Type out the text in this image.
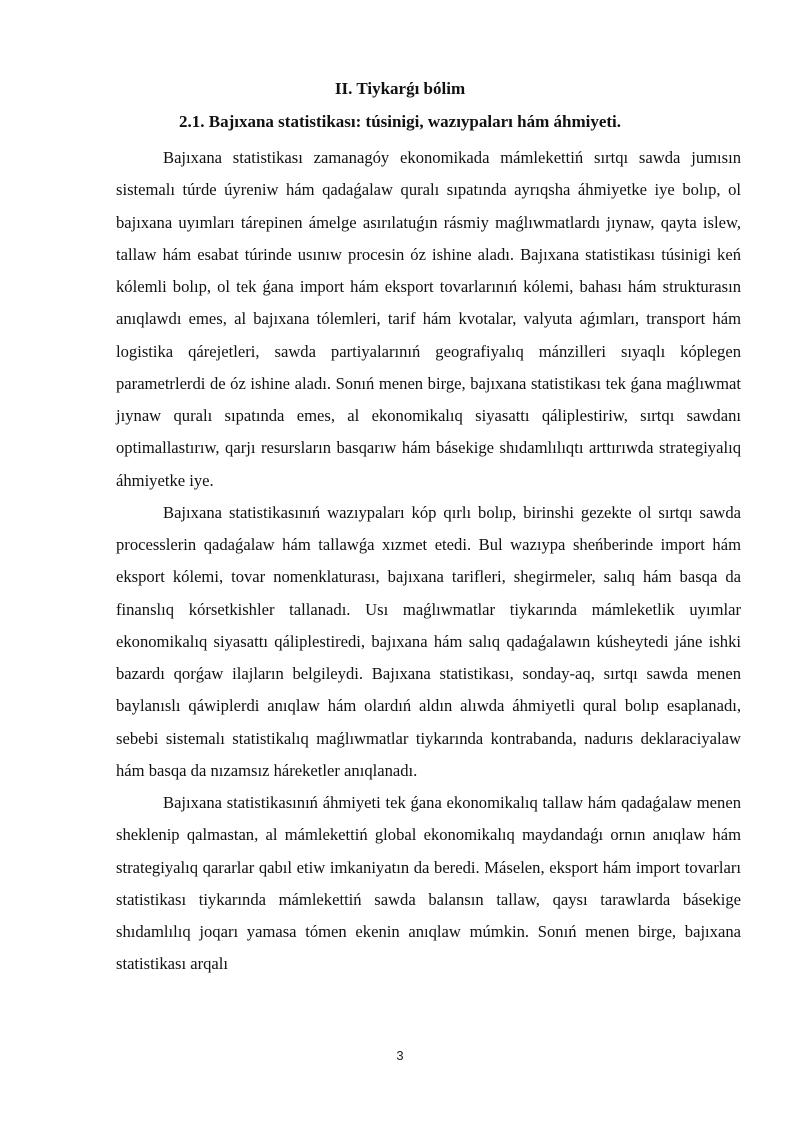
II. Tiykarǵı bólim
2.1. Bajıxana statistikası: túsinigi, wazıypaları hám áhmiyeti.

Bajıxana statistikası zamanagóy ekonomikada mámlekettiń sırtqı sawda jumısın sistemalı túrde úyreniw hám qadaǵalaw quralı sıpatında ayrıqsha áhmiyetke iye bolıp, ol bajıxana uyımları tárepinen ámelge asırılatuǵın rásmiy maǵlıwmatlardı jıynaw, qayta islew, tallaw hám esabat túrinde usınıw procesin óz ishine aladı. Bajıxana statistikası túsinigi keń kólemli bolıp, ol tek ǵana import hám eksport tovarlarınıń kólemi, bahası hám strukturasın anıqlawdı emes, al bajıxana tólemleri, tarif hám kvotalar, valyuta aǵımları, transport hám logistika qárejetleri, sawda partiyalarınıń geografiyalıq mánzilleri sıyaqlı kóplegen parametrlerdi de óz ishine aladı. Sonıń menen birge, bajıxana statistikası tek ǵana maǵlıwmat jıynaw quralı sıpatında emes, al ekonomikalıq siyasattı qáliplestiriw, sırtqı sawdanı optimallastırıw, qarjı resursların basqarıw hám básekige shıdamlılıqtı arttırıwda strategiyalıq áhmiyetke iye.

Bajıxana statistikasınıń wazıypaları kóp qırlı bolıp, birinshi gezekte ol sırtqı sawda processlerin qadaǵalaw hám tallawǵa xızmet etedi. Bul wazıypa sheńberinde import hám eksport kólemi, tovar nomenklaturası, bajıxana tarifleri, shegirmeler, salıq hám basqa da finanslıq kórsetkishler tallanadı. Usı maǵlıwmatlar tiykarında mámleketlik uyımlar ekonomikalıq siyasattı qáliplestiredi, bajıxana hám salıq qadaǵalawın kúsheytedi jáne ishki bazardı qorǵaw ilajların belgileydi. Bajıxana statistikası, sonday-aq, sırtqı sawda menen baylanıslı qáwiplerdi anıqlaw hám olardıń aldın alıwda áhmiyetli qural bolıp esaplanadı, sebebi sistemalı statistikalıq maǵlıwmatlar tiykarında kontrabanda, nadurıs deklaraciyalaw hám basqa da nızamsız háreketler anıqlanadı.

Bajıxana statistikasınıń áhmiyeti tek ǵana ekonomikalıq tallaw hám qadaǵalaw menen sheklenip qalmastan, al mámlekettiń global ekonomikalıq maydandaǵı ornın anıqlaw hám strategiyalıq qararlar qabıl etiw imkaniyatın da beredi. Máselen, eksport hám import tovarları statistikası tiykarında mámlekettiń sawda balansın tallaw, qaysı tarawlarda básekige shıdamlılıq joqarı yamasa tómen ekenin anıqlaw múmkin. Sonıń menen birge, bajıxana statistikası arqalı

3
